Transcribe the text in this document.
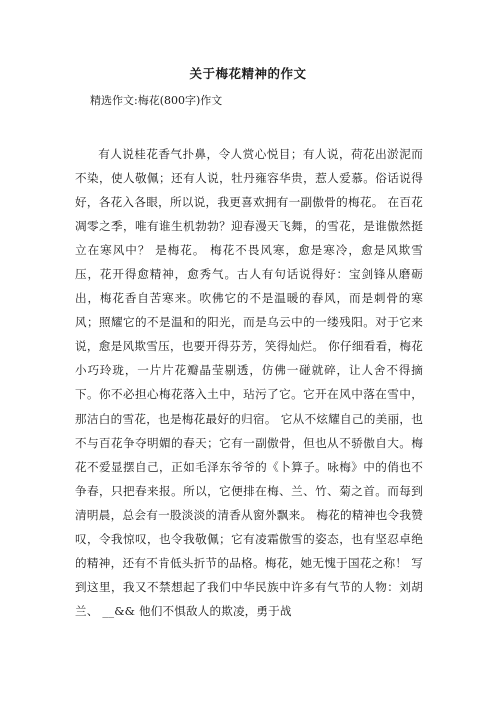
关于梅花精神的作文
精选作文:梅花(800字)作文

有人说桂花香气扑鼻，令人赏心悦目；有人说，荷花出淤泥而不染，使人敬佩；还有人说，牡丹雍容华贵，惹人爱慕。俗话说得好，各花入各眼，所以说，我更喜欢拥有一副傲骨的梅花。 在百花凋零之季，唯有谁生机勃勃？迎春漫天飞舞，的雪花，是谁傲然挺立在寒风中？ 是梅花。 梅花不畏风寒，愈是寒冷，愈是风欺雪压，花开得愈精神，愈秀气。古人有句话说得好：宝剑锋从磨砺出，梅花香自苦寒来。吹佛它的不是温暖的春风，而是刺骨的寒风；照耀它的不是温和的阳光，而是乌云中的一缕残阳。对于它来说，愈是风欺雪压，也要开得芬芳，笑得灿烂。 你仔细看看，梅花小巧玲珑，一片片花瓣晶莹剔透，仿佛一碰就碎，让人舍不得摘下。你不必担心梅花落入土中，玷污了它。它开在风中落在雪中，那洁白的雪花，也是梅花最好的归宿。 它从不炫耀自己的美丽，也不与百花争夺明媚的春天；它有一副傲骨，但也从不骄傲自大。梅花不爱显摆自己，正如毛泽东爷爷的《卜算子。咏梅》中的俏也不争春，只把春来报。所以，它便排在梅、兰、竹、菊之首。而每到清明晨，总会有一股淡淡的清香从窗外飘来。 梅花的精神也令我赞叹，令我惊叹，也令我敬佩；它有凌霜傲雪的姿态，也有坚忍卓绝的精神，还有不肯低头折节的品格。梅花，她无愧于国花之称！ 写到这里，我又不禁想起了我们中华民族中许多有气节的人物：刘胡兰、 __&& 他们不惧敌人的欺凌，勇于战
